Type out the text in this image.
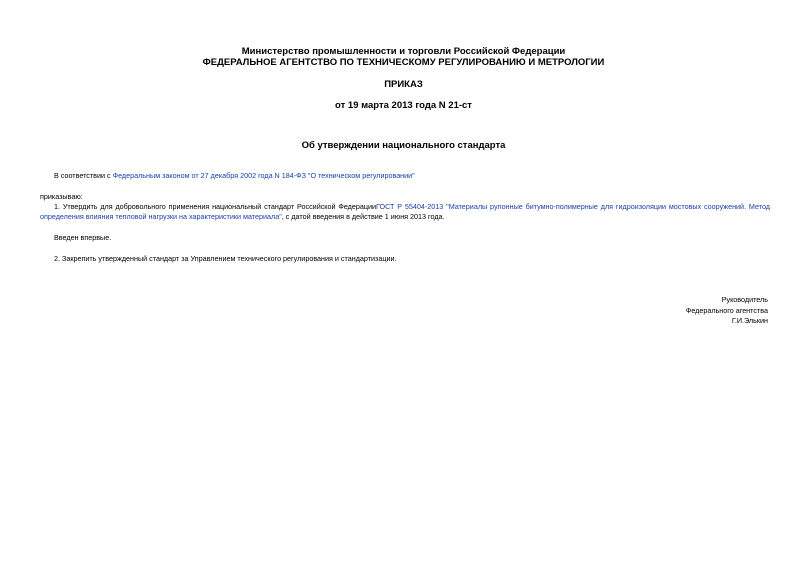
Министерство промышленности и торговли Российской Федерации
ФЕДЕРАЛЬНОЕ АГЕНТСТВО ПО ТЕХНИЧЕСКОМУ РЕГУЛИРОВАНИЮ И МЕТРОЛОГИИ
ПРИКАЗ
от 19 марта 2013 года N 21-ст
Об утверждении национального стандарта
В соответствии с Федеральным законом от 27 декабря 2002 года N 184-ФЗ "О техническом регулировании"
приказываю:
1. Утвердить для добровольного применения национальный стандарт Российской ФедерацииГОСТ Р 55404-2013 "Материалы рулонные битумно-полимерные для гидроизоляции мостовых сооружений. Метод определения влияния тепловой нагрузки на характеристики материала", с датой введения в действие 1 июня 2013 года.
Введен впервые.
2. Закрепить утвержденный стандарт за Управлением технического регулирования и стандартизации.
Руководитель
Федерального агентства
Г.И.Элькин
